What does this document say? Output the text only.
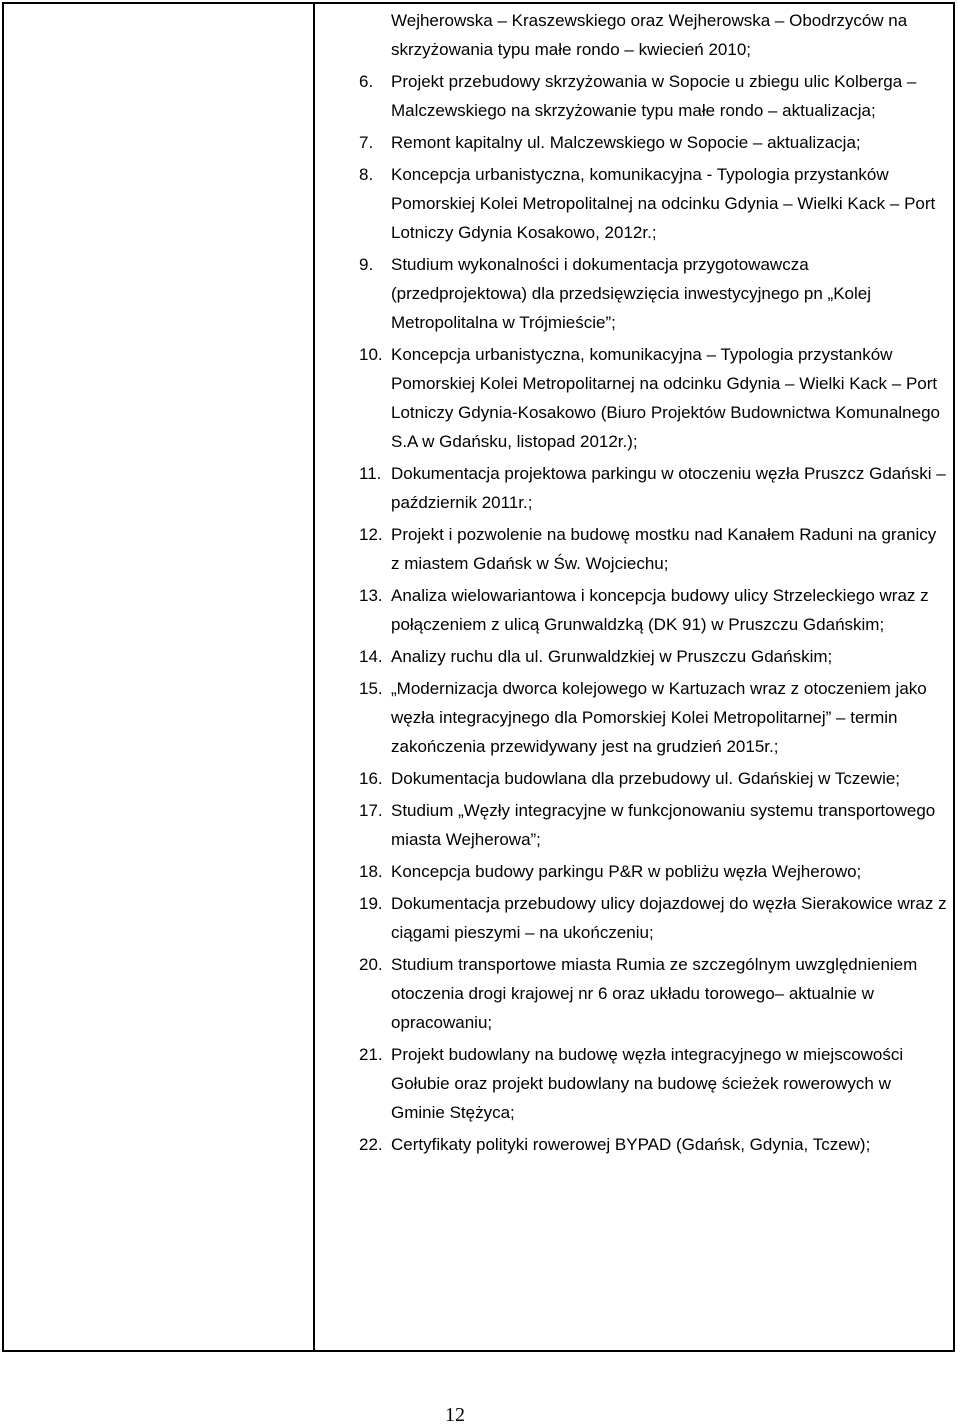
Wejherowska – Kraszewskiego oraz Wejherowska – Obodrzyców na skrzyżowania typu małe rondo – kwiecień 2010;
6.	Projekt przebudowy skrzyżowania w Sopocie u zbiegu ulic Kolberga – Malczewskiego na skrzyżowanie typu małe rondo – aktualizacja;
7.	Remont kapitalny ul. Malczewskiego w Sopocie – aktualizacja;
8.	Koncepcja urbanistyczna, komunikacyjna - Typologia przystanków Pomorskiej Kolei Metropolitalnej na odcinku Gdynia – Wielki Kack – Port Lotniczy Gdynia Kosakowo, 2012r.;
9.	Studium wykonalności i dokumentacja przygotowawcza (przedprojektowa) dla przedsięwzięcia inwestycyjnego pn „Kolej Metropolitalna w Trójmieście”;
10. Koncepcja urbanistyczna, komunikacyjna – Typologia przystanków Pomorskiej Kolei Metropolitarnej na odcinku Gdynia – Wielki Kack – Port Lotniczy Gdynia-Kosakowo (Biuro Projektów Budownictwa Komunalnego S.A w Gdańsku, listopad 2012r.);
11. Dokumentacja projektowa parkingu w otoczeniu węzła Pruszcz Gdański – październik 2011r.;
12. Projekt i pozwolenie na budowę mostku nad Kanałem Raduni na granicy z miastem Gdańsk w Św. Wojciechu;
13. Analiza wielowariantowa i koncepcja budowy ulicy Strzeleckiego wraz z połączeniem z ulicą Grunwaldzką (DK 91) w Pruszczu Gdańskim;
14. Analizy ruchu dla ul. Grunwaldzkiej w Pruszczu Gdańskim;
15. „Modernizacja dworca kolejowego w Kartuzach wraz z otoczeniem jako węzła integracyjnego dla Pomorskiej Kolei Metropolitarnej” – termin zakończenia przewidywany jest na grudzień 2015r.;
16. Dokumentacja budowlana dla przebudowy ul. Gdańskiej w Tczewie;
17. Studium „Węzły integracyjne w funkcjonowaniu systemu transportowego miasta Wejherowa”;
18. Koncepcja budowy parkingu P&R w pobliżu węzła Wejherowo;
19. Dokumentacja przebudowy ulicy dojazdowej do węzła Sierakowice wraz z ciągami pieszymi – na ukończeniu;
20. Studium transportowe miasta Rumia ze szczególnym uwzględnieniem otoczenia drogi krajowej nr 6 oraz układu torowego– aktualnie w opracowaniu;
21. Projekt budowlany na budowę węzła integracyjnego w miejscowości Gołubie oraz projekt budowlany na budowę ścieżek rowerowych w Gminie Stężyca;
22. Certyfikaty polityki rowerowej BYPAD (Gdańsk, Gdynia, Tczew);
12
